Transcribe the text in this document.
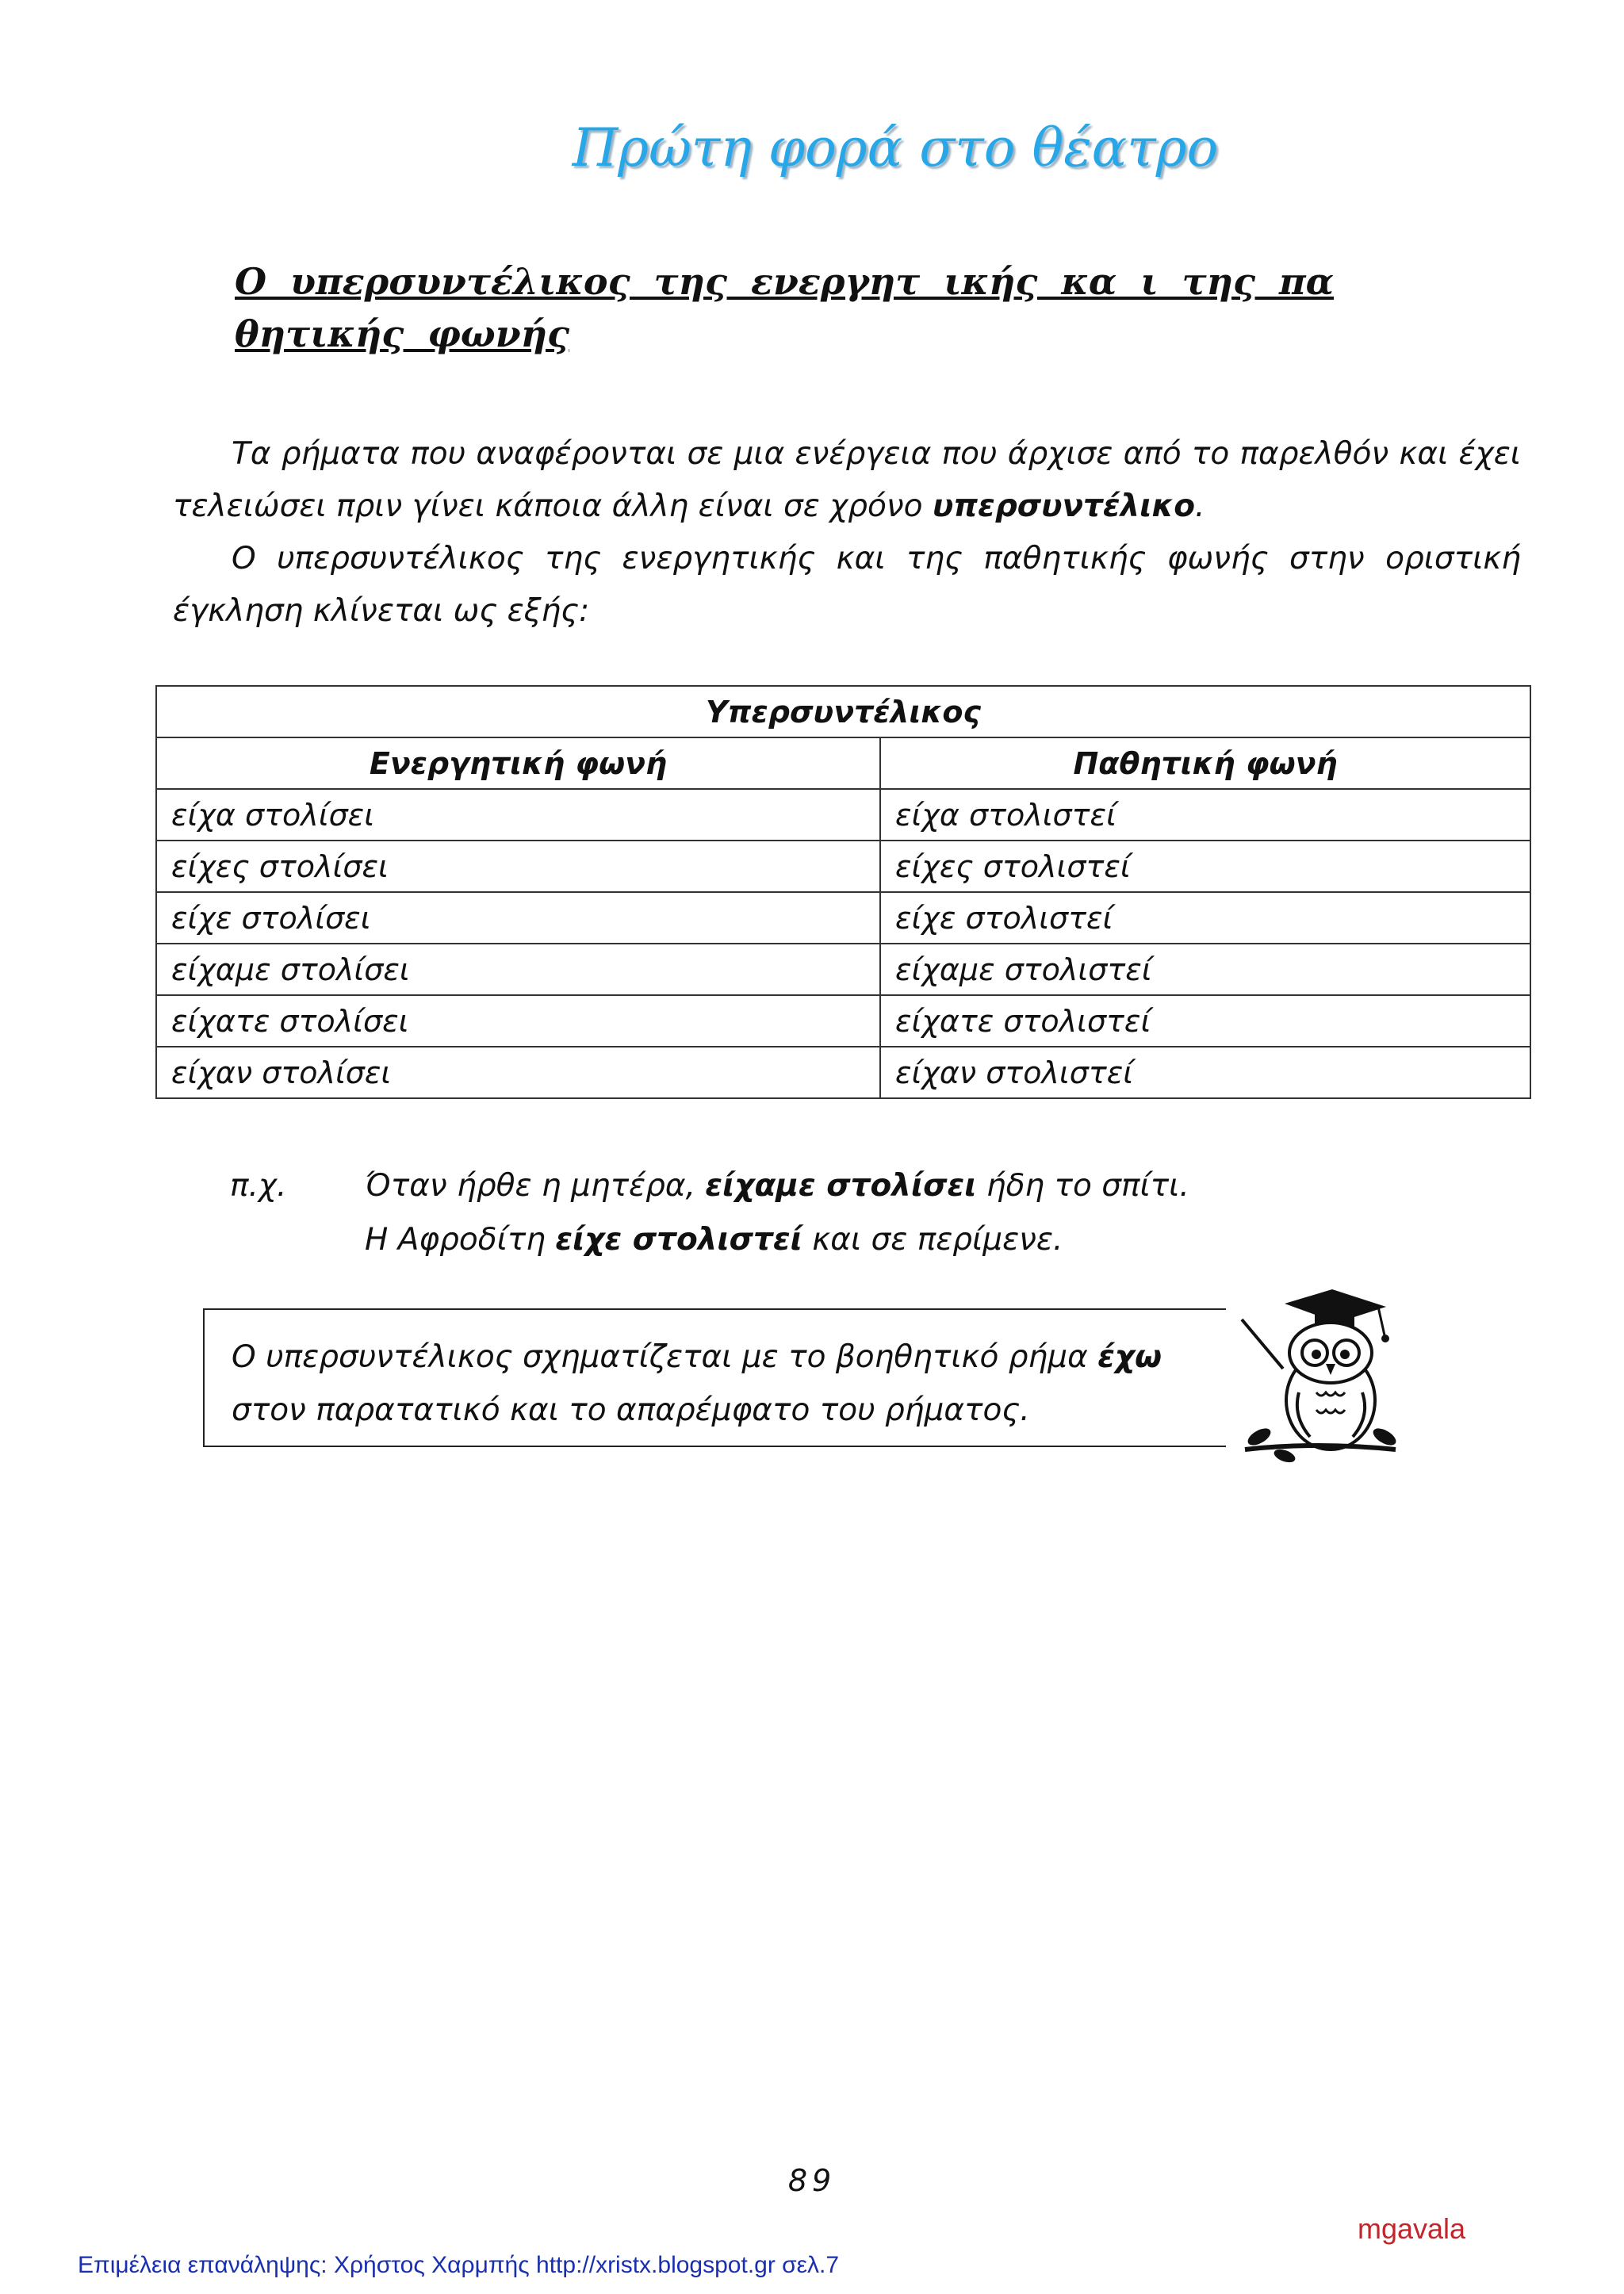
Πρώτη φορά στο θέατρο
Ο υπερσυντέλικος της ενεργητ ικής κα ι της πα θητικής φωνής
Τα ρήματα που αναφέρονται σε μια ενέργεια που άρχισε από το παρελθόν και έχει τελειώσει πριν γίνει κάποια άλλη είναι σε χρόνο υπερσυντέλικο.
Ο υπερσυντέλικος της ενεργητικής και της παθητικής φωνής στην οριστική έγκληση κλίνεται ως εξής:
Υπερσυντέλικος	
Ενεργητική φωνή	Παθητική φωνή
είχα στολίσει	είχα στολιστεί
είχες στολίσει	είχες στολιστεί
είχε στολίσει	είχε στολιστεί
είχαμε στολίσει	είχαμε στολιστεί
είχατε στολίσει	είχατε στολιστεί
είχαν στολίσει	είχαν στολιστεί
π.χ.	Όταν ήρθε η μητέρα, είχαμε στολίσει ήδη το σπίτι.
Η Αφροδίτη είχε στολιστεί και σε περίμενε.
Ο υπερσυντέλικος σχηματίζεται με το βοηθητικό ρήμα έχω
στον παρατατικό και το απαρέμφατο του ρήματος.
89
mgavala
Επιμέλεια επανάληψης: Χρήστος Χαρμπής http://xristx.blogspot.gr σελ.7
